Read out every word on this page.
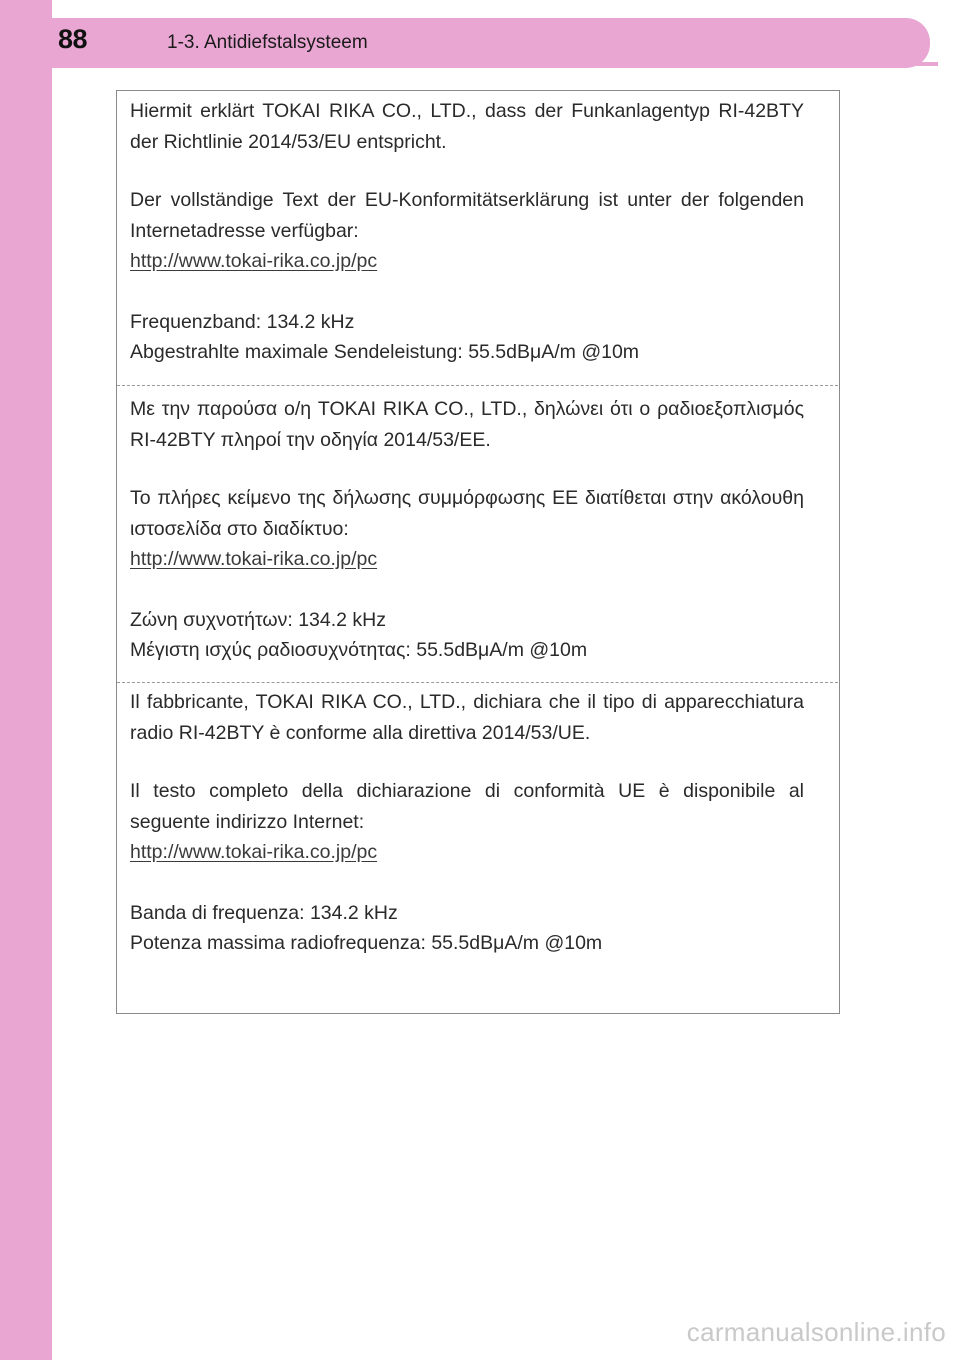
88	1-3. Antidiefstalsysteem

Hiermit erklärt TOKAI RIKA CO., LTD., dass der Funkanlagentyp RI-42BTY der Richtlinie 2014/53/EU entspricht.

Der vollständige Text der EU-Konformitätserklärung ist unter der folgenden Internetadresse verfügbar:

http://www.tokai-rika.co.jp/pc

Frequenzband: 134.2 kHz

Abgestrahlte maximale Sendeleistung: 55.5dBμA/m @10m

Με την παρούσα ο/η TOKAI RIKA CO., LTD., δηλώνει ότι ο ραδιοεξοπλισμός RI-42BTY πληροί την οδηγία 2014/53/ΕΕ.

Το πλήρες κείμενο της δήλωσης συμμόρφωσης ΕΕ διατίθεται στην ακόλουθη ιστοσελίδα στο διαδίκτυο:

http://www.tokai-rika.co.jp/pc

Ζώνη συχνοτήτων: 134.2 kHz

Μέγιστη ισχύς ραδιοσυχνότητας: 55.5dBμA/m @10m

Il fabbricante, TOKAI RIKA CO., LTD., dichiara che il tipo di apparecchiatura radio RI-42BTY è conforme alla direttiva 2014/53/UE.

Il testo completo della dichiarazione di conformità UE è disponibile al seguente indirizzo Internet:

http://www.tokai-rika.co.jp/pc

Banda di frequenza: 134.2 kHz

Potenza massima radiofrequenza: 55.5dBμA/m @10m

carmanualsonline.info
